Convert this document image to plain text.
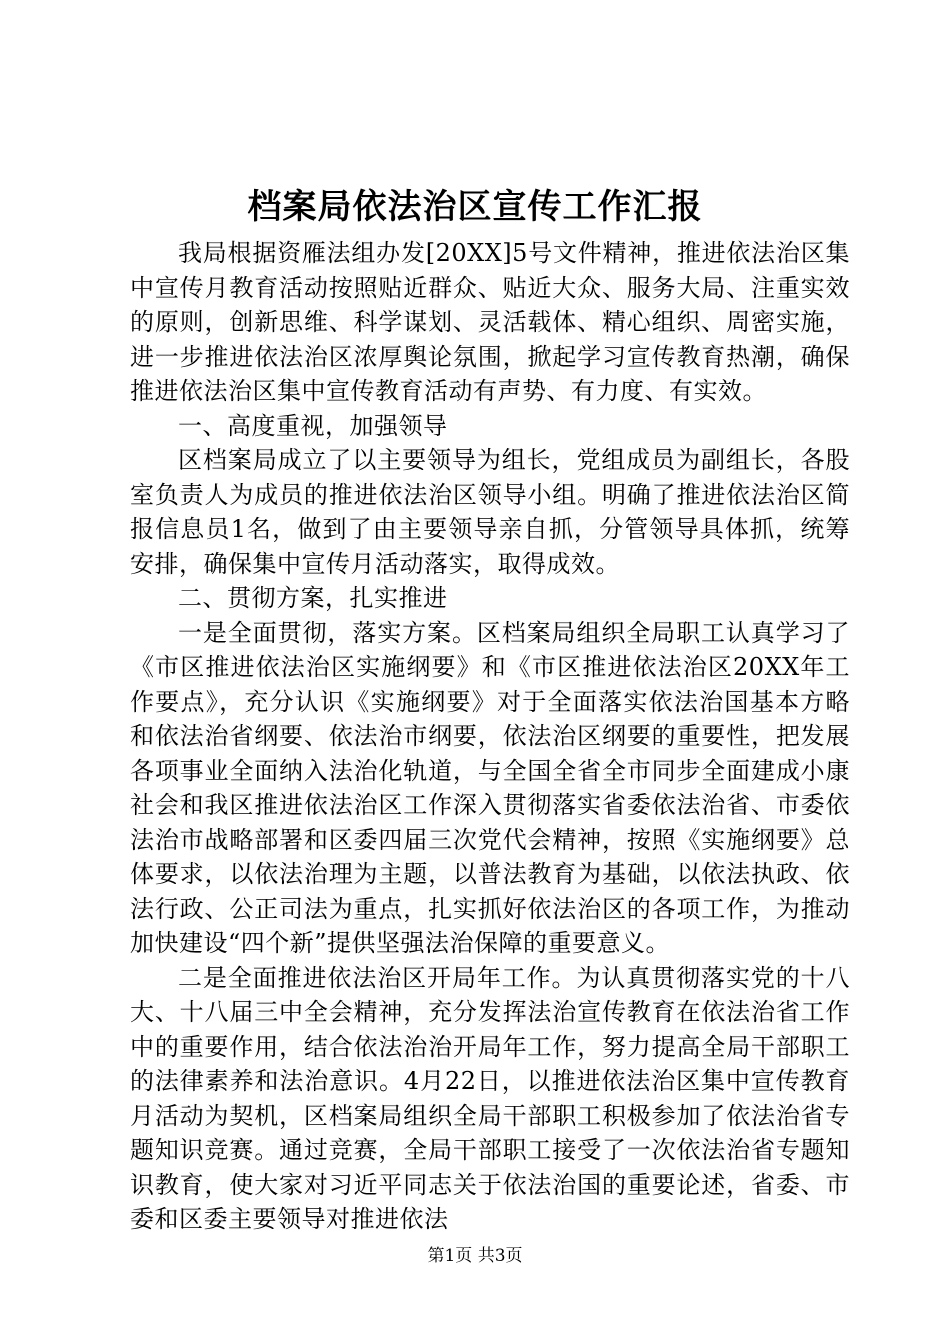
档案局依法治区宣传工作汇报

我局根据资雁法组办发[20XX]5号文件精神，推进依法治区集中宣传月教育活动按照贴近群众、贴近大众、服务大局、注重实效的原则，创新思维、科学谋划、灵活载体、精心组织、周密实施，进一步推进依法治区浓厚舆论氛围，掀起学习宣传教育热潮，确保推进依法治区集中宣传教育活动有声势、有力度、有实效。

一、高度重视，加强领导

区档案局成立了以主要领导为组长，党组成员为副组长，各股室负责人为成员的推进依法治区领导小组。明确了推进依法治区简报信息员1名，做到了由主要领导亲自抓，分管领导具体抓，统筹安排，确保集中宣传月活动落实，取得成效。

二、贯彻方案，扎实推进

一是全面贯彻，落实方案。区档案局组织全局职工认真学习了《市区推进依法治区实施纲要》和《市区推进依法治区20XX年工作要点》，充分认识《实施纲要》对于全面落实依法治国基本方略和依法治省纲要、依法治市纲要，依法治区纲要的重要性，把发展各项事业全面纳入法治化轨道，与全国全省全市同步全面建成小康社会和我区推进依法治区工作深入贯彻落实省委依法治省、市委依法治市战略部署和区委四届三次党代会精神，按照《实施纲要》总体要求，以依法治理为主题，以普法教育为基础，以依法执政、依法行政、公正司法为重点，扎实抓好依法治区的各项工作，为推动加快建设“四个新”提供坚强法治保障的重要意义。

二是全面推进依法治区开局年工作。为认真贯彻落实党的十八大、十八届三中全会精神，充分发挥法治宣传教育在依法治省工作中的重要作用，结合依法治治开局年工作，努力提高全局干部职工的法律素养和法治意识。4月22日，以推进依法治区集中宣传教育月活动为契机，区档案局组织全局干部职工积极参加了依法治省专题知识竞赛。通过竞赛，全局干部职工接受了一次依法治省专题知识教育，使大家对习近平同志关于依法治国的重要论述，省委、市委和区委主要领导对推进依法

第1页 共3页
